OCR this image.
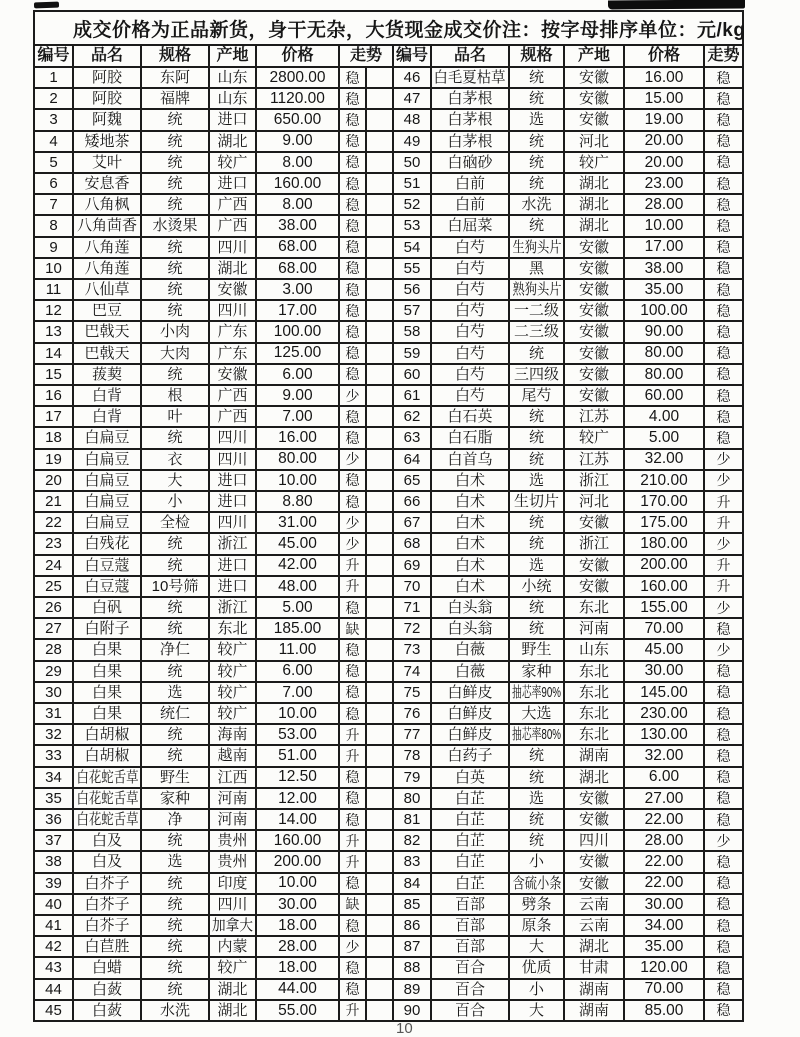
成交价格为正品新货，身干无杂，大货现金成交价 注：按字母排序 单位：元/kg
编号 品名 规格 产地 价格 走势
1 阿胶	东阿 山东 2800.00 稳
2 阿胶	福牌 山东 1120.00 稳
3 阿魏	统 进口 650.00 稳
4 矮地茶	统 湖北 9.00 稳
5 艾叶	统 较广 8.00 稳
6 安息香	统 进口 160.00 稳
7 八角枫	统 广西 8.00 稳
8 八角茴香 水烫果 广西 38.00 稳
9 八角莲	统 四川 68.00 稳
10 八角莲	统 湖北 68.00 稳
11 八仙草	统 安徽 3.00 稳
12 巴豆	统 四川 17.00 稳
13 巴戟天 小肉 广东 100.00 稳
14 巴戟天 大肉 广东 125.00 稳
15 菝葜	统 安徽 6.00 稳
16 白背	根 广西 9.00 少
17 白背	叶 广西 7.00 稳
18 白扁豆	统 四川 16.00 稳
19 白扁豆	衣 四川 80.00 少
20 白扁豆	大 进口 10.00 稳
21 白扁豆	小 进口 8.80 稳
22 白扁豆 全检 四川 31.00 少
23 白残花	统 浙江 45.00 少
24 白豆蔻	统 进口 42.00 升
25 白豆蔻 10号筛 进口 48.00 升
26 白矾	统 浙江 5.00 稳
27 白附子	统 东北 185.00 缺
28 白果	净仁 较广 11.00 稳
29 白果	统 较广 6.00 稳
30 白果	选 较广 7.00 稳
31 白果	统仁 较广 10.00 稳
32 白胡椒	统 海南 53.00 升
33 白胡椒	统 越南 51.00 升
34 白花蛇舌草 野生 江西 12.50 稳
35 白花蛇舌草 家种 河南 12.00 稳
36 白花蛇舌草 净 河南 14.00 稳
37 白及	统 贵州 160.00 升
38 白及	选 贵州 200.00 升
39 白芥子	统 印度 10.00 稳
40 白芥子	统 四川 30.00 缺
41 白芥子	统 加拿大 18.00 稳
42 白苣胜	统 内蒙 28.00 少
43 白蜡	统 较广 18.00 稳
44 白蔹	统 湖北 44.00 稳
45 白蔹	水洗 湖北 55.00 升
编号 品名 规格 产地 价格 走势
46 白毛夏枯草 统 安徽 16.00 稳
47 白茅根 统 安徽 15.00 稳
48 白茅根 选 安徽 19.00 稳
49 白茅根 统 河北 20.00 稳
50 白硇砂 统 较广 20.00 稳
51 白前	统 湖北 23.00 稳
52 白前 水洗 湖北 28.00 稳
53 白屈菜 统 湖北 10.00 稳
54 白芍 生狗头片 安徽 17.00 稳
55 白芍	黑 安徽 38.00 稳
56 白芍 熟狗头片 安徽 35.00 稳
57 白芍 一二级 安徽 100.00 稳
58 白芍 二三级 安徽 90.00 稳
59 白芍	统 安徽 80.00 稳
60 白芍 三四级 安徽 80.00 稳
61 白芍 尾芍 安徽 60.00 稳
62 白石英 统 江苏	4.00	稳
63 白石脂 统 较广	5.00	稳
64 白首乌 统 江苏 32.00 少
65 白术	选 浙江 210.00 少
66 白术 生切片 河北 170.00 升
67 白术	统 安徽 175.00 升
68 白术	统 浙江 180.00 少
69 白术	选 安徽 200.00 升
70 白术 小统 安徽 160.00 升
71 白头翁 统 东北 155.00 少
72 白头翁 统 河南 70.00 稳
73 白薇 野生 山东 45.00 少
74 白薇 家种 东北 30.00 稳
75 白鲜皮 抽芯率90% 东北 145.00 稳
76 白鲜皮 大选 东北 230.00 稳
77 白鲜皮 抽芯率80% 东北 130.00 稳
78 白药子 统 湖南 32.00 稳
79 白英	统 湖北	6.00	稳
80 白芷	选 安徽 27.00 稳
81 白芷	统 安徽 22.00 稳
82 白芷	统 四川 28.00 少
83 白芷	小 安徽 22.00 稳
84 白芷 含硫小条 安徽 22.00 稳
85 百部 劈条 云南 30.00 稳
86 百部 原条 云南 34.00 稳
87 百部	大 湖北 35.00 稳
88 百合 优质 甘肃 120.00 稳
89 百合	小 湖南 70.00 稳
90 百合	大 湖南 85.00 稳
10
